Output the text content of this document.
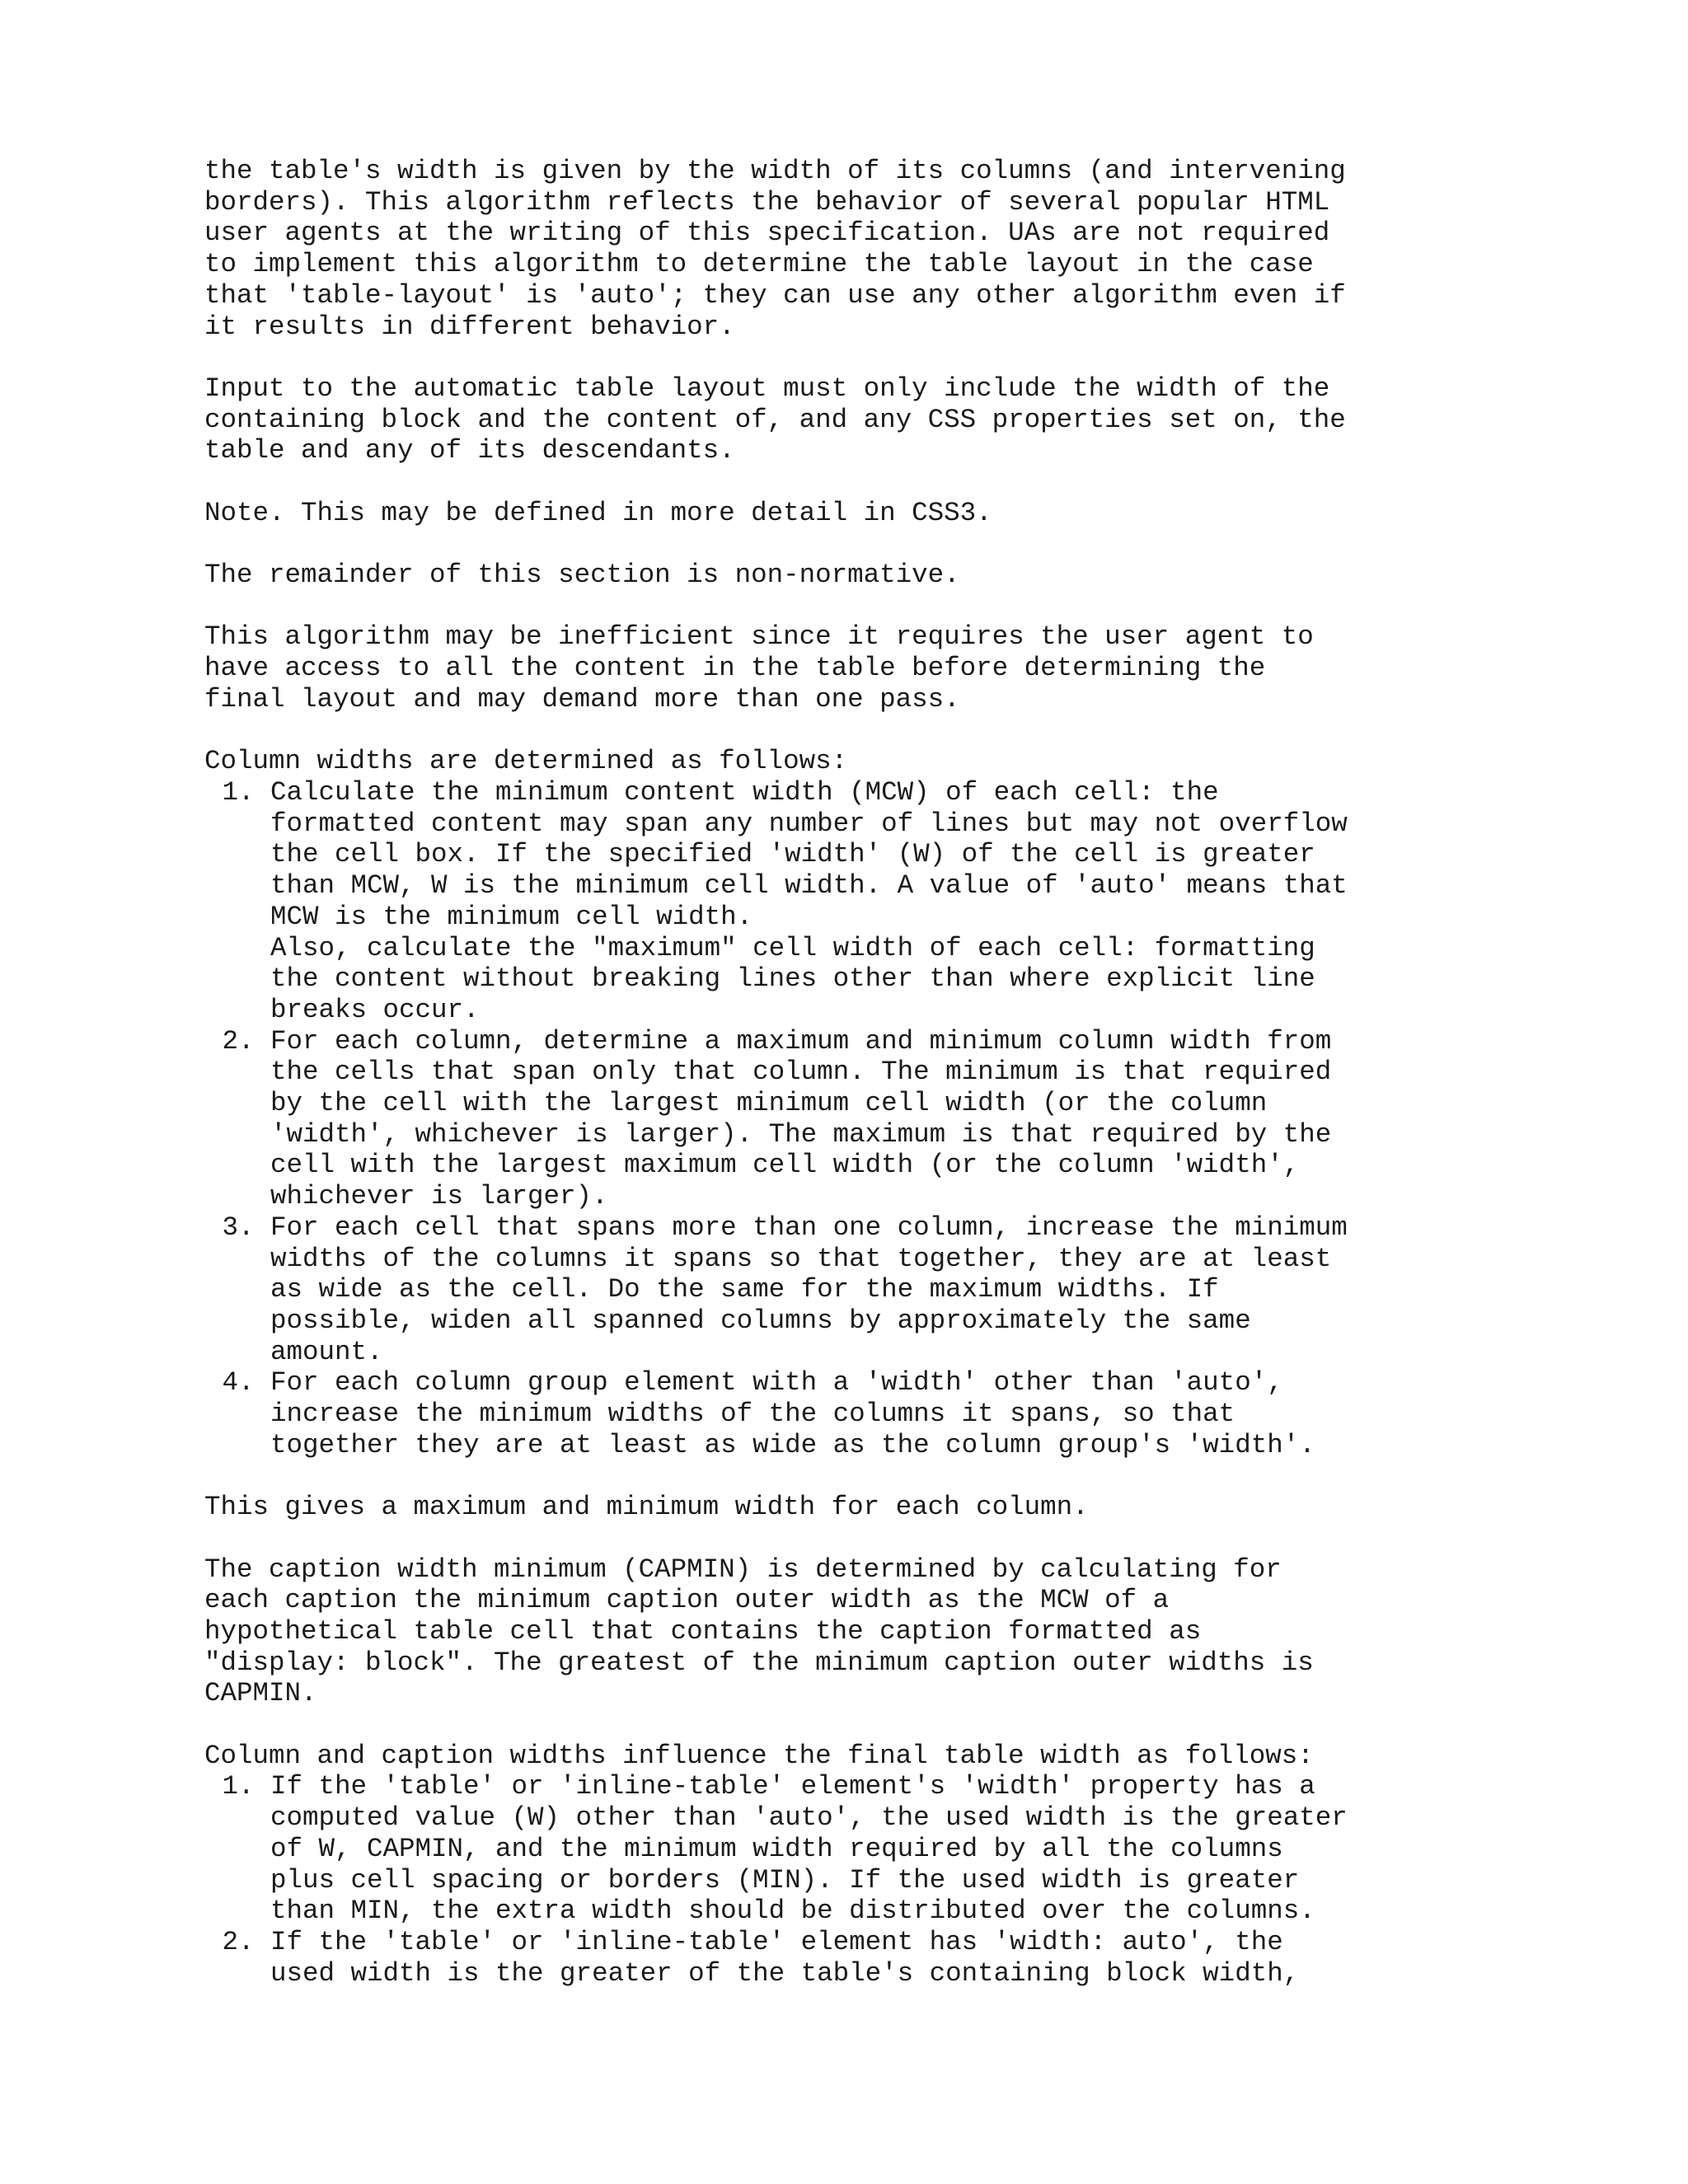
the table's width is given by the width of its columns (and intervening
borders). This algorithm reflects the behavior of several popular HTML
user agents at the writing of this specification. UAs are not required
to implement this algorithm to determine the table layout in the case
that 'table-layout' is 'auto'; they can use any other algorithm even if
it results in different behavior.

Input to the automatic table layout must only include the width of the
containing block and the content of, and any CSS properties set on, the
table and any of its descendants.

Note. This may be defined in more detail in CSS3.

The remainder of this section is non-normative.

This algorithm may be inefficient since it requires the user agent to
have access to all the content in the table before determining the
final layout and may demand more than one pass.

Column widths are determined as follows:

1. Calculate the minimum content width (MCW) of each cell: the
formatted content may span any number of lines but may not overflow
the cell box. If the specified 'width' (W) of the cell is greater
than MCW, W is the minimum cell width. A value of 'auto' means that
MCW is the minimum cell width.
Also, calculate the "maximum" cell width of each cell: formatting
the content without breaking lines other than where explicit line
breaks occur.
2. For each column, determine a maximum and minimum column width from
the cells that span only that column. The minimum is that required
by the cell with the largest minimum cell width (or the column
'width', whichever is larger). The maximum is that required by the
cell with the largest maximum cell width (or the column 'width',
whichever is larger).
3. For each cell that spans more than one column, increase the minimum
widths of the columns it spans so that together, they are at least
as wide as the cell. Do the same for the maximum widths. If
possible, widen all spanned columns by approximately the same
amount.
4. For each column group element with a 'width' other than 'auto',
increase the minimum widths of the columns it spans, so that
together they are at least as wide as the column group's 'width'.

This gives a maximum and minimum width for each column.

The caption width minimum (CAPMIN) is determined by calculating for
each caption the minimum caption outer width as the MCW of a
hypothetical table cell that contains the caption formatted as
"display: block". The greatest of the minimum caption outer widths is
CAPMIN.

Column and caption widths influence the final table width as follows:

1. If the 'table' or 'inline-table' element's 'width' property has a
computed value (W) other than 'auto', the used width is the greater
of W, CAPMIN, and the minimum width required by all the columns
plus cell spacing or borders (MIN). If the used width is greater
than MIN, the extra width should be distributed over the columns.
2. If the 'table' or 'inline-table' element has 'width: auto', the
used width is the greater of the table's containing block width,
